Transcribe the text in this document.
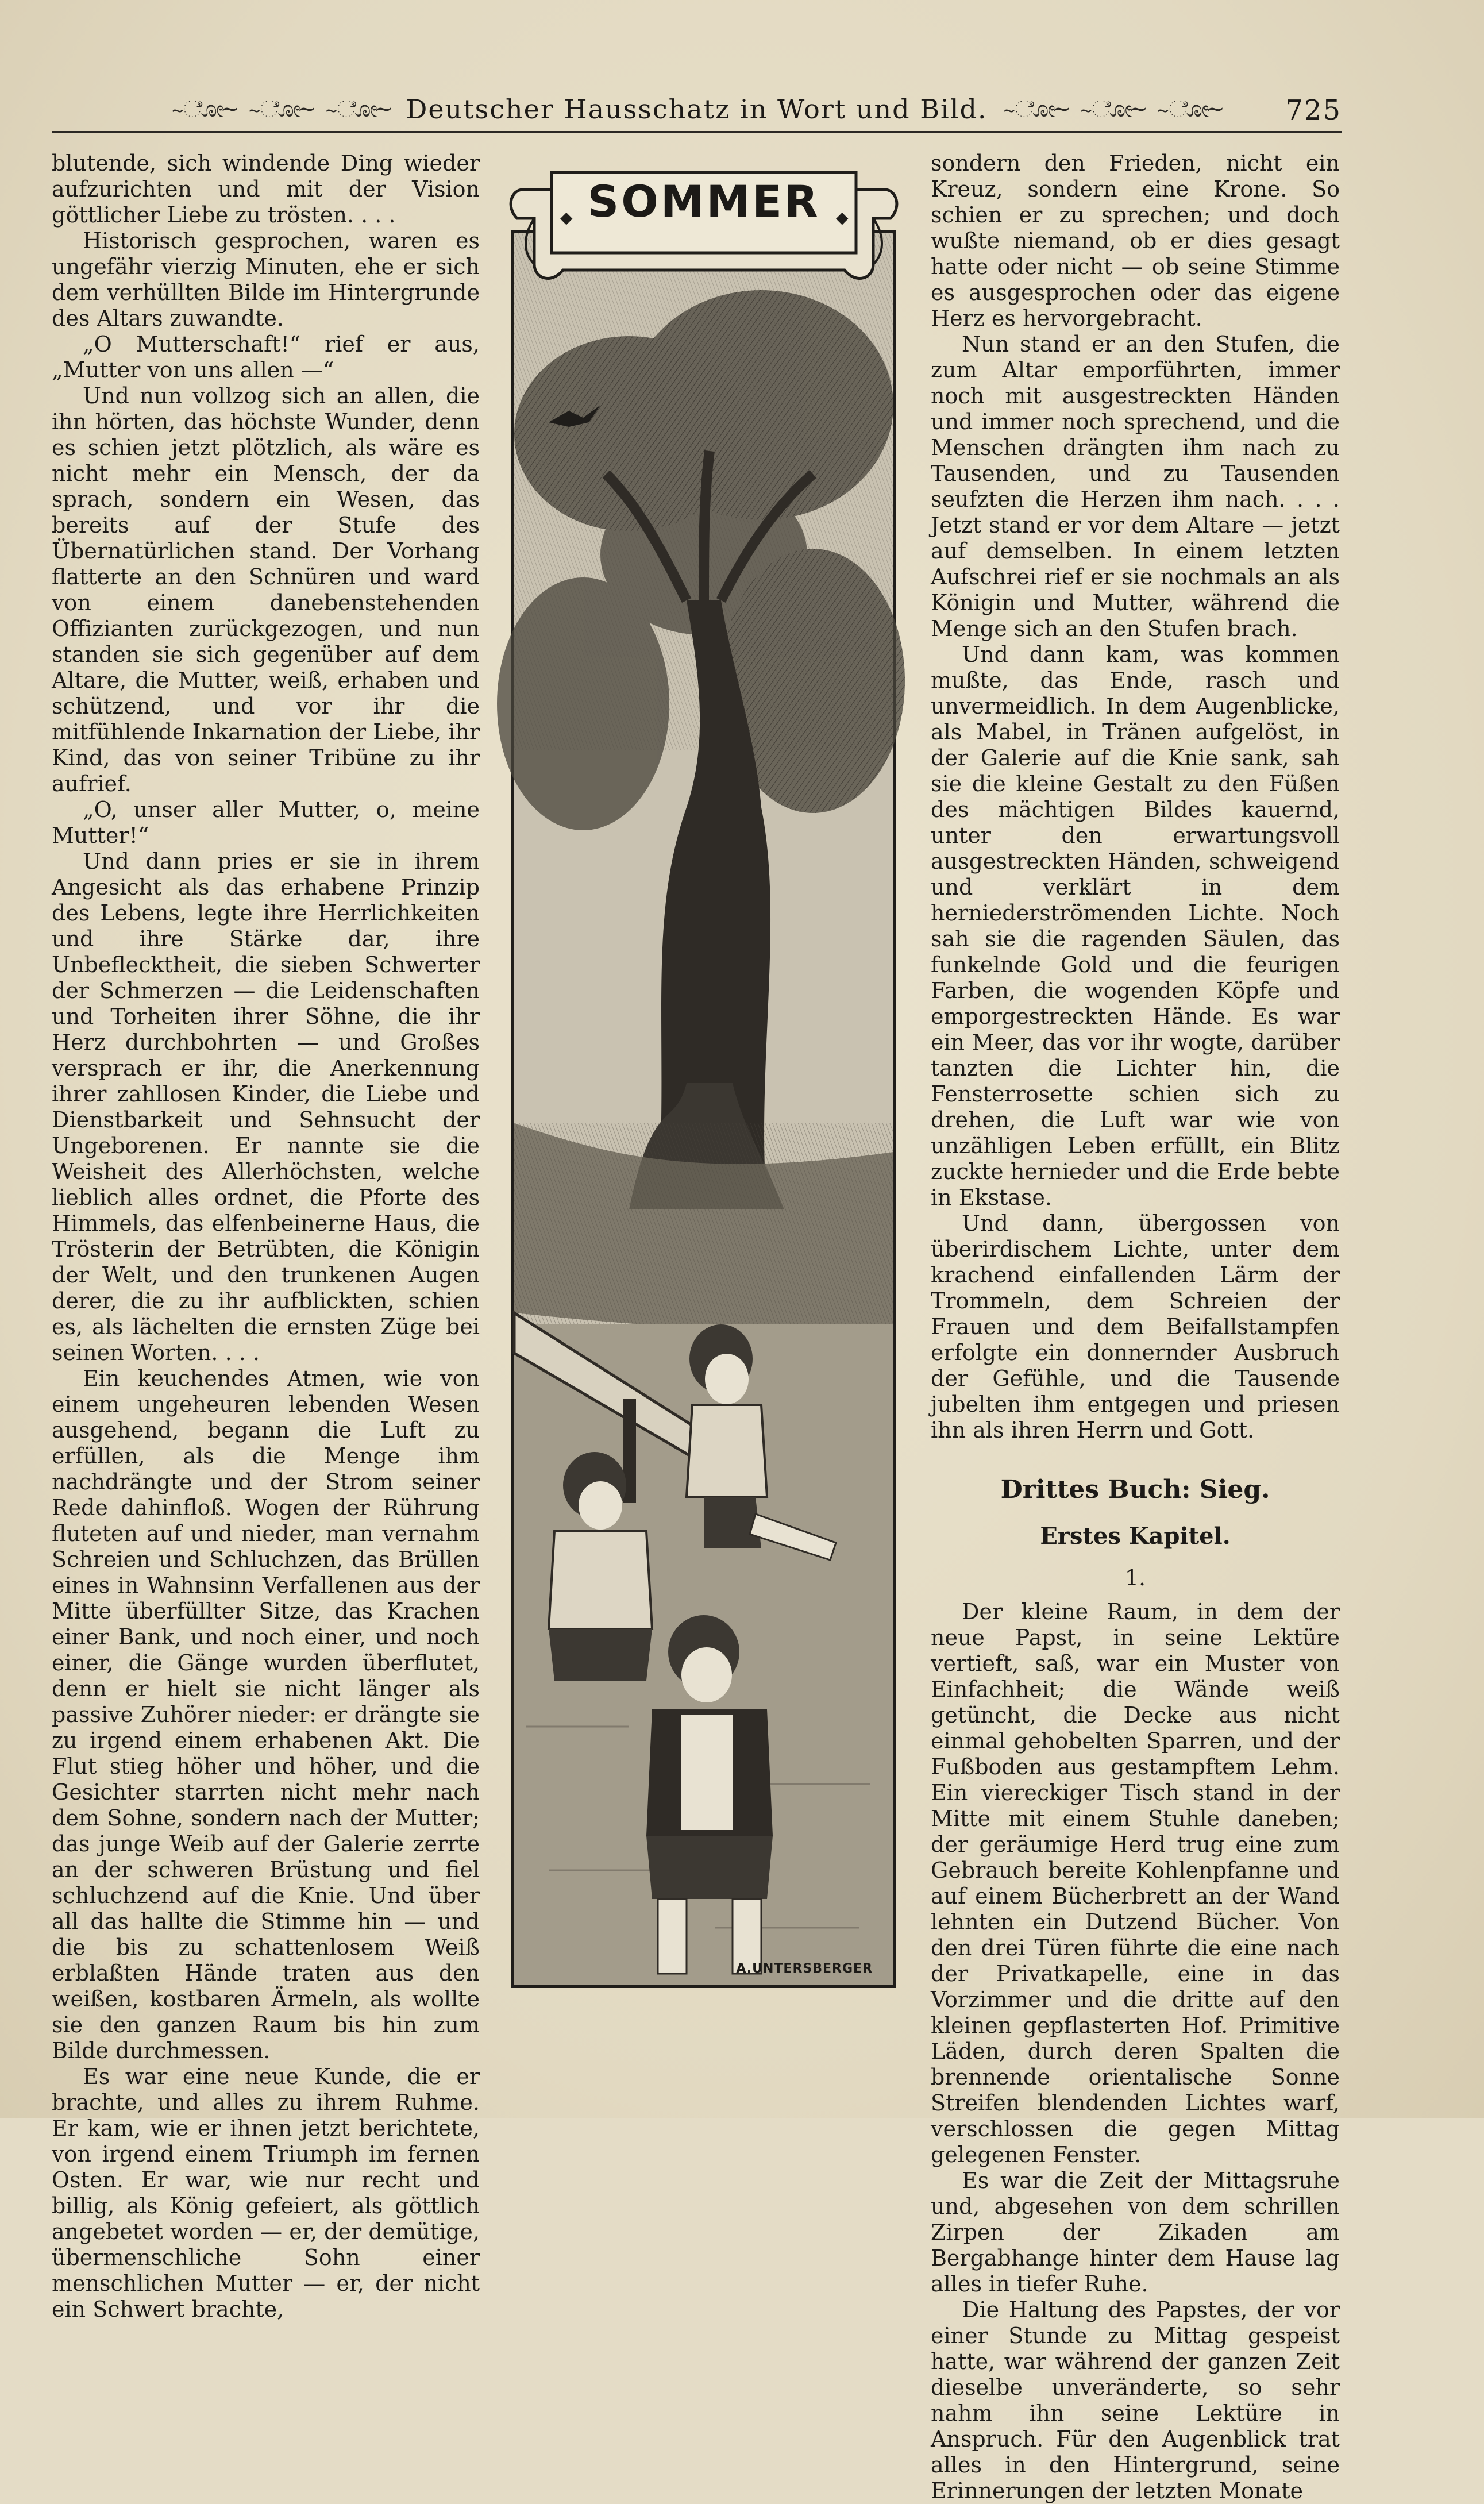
~ೋ~ ~ೋ~ ~ೋ~ Deutscher Hausschatz in Wort und Bild. ~ೋ~ ~ೋ~ ~ೋ~ 725

blutende, sich windende Ding wieder aufzurichten und mit der Vision göttlicher Liebe zu trösten. . . .

Historisch gesprochen, waren es ungefähr vierzig Minuten, ehe er sich dem verhüllten Bilde im Hintergrunde des Altars zuwandte.

„O Mutterschaft!“ rief er aus, „Mutter von uns allen —“

Und nun vollzog sich an allen, die ihn hörten, das höchste Wunder, denn es schien jetzt plötzlich, als wäre es nicht mehr ein Mensch, der da sprach, sondern ein Wesen, das bereits auf der Stufe des Übernatürlichen stand. Der Vorhang flatterte an den Schnüren und ward von einem danebenstehenden Offizianten zurückgezogen, und nun standen sie sich gegenüber auf dem Altare, die Mutter, weiß, erhaben und schützend, und vor ihr die mitfühlende Inkarnation der Liebe, ihr Kind, das von seiner Tribüne zu ihr aufrief.

„O, unser aller Mutter, o, meine Mutter!“

Und dann pries er sie in ihrem Angesicht als das erhabene Prinzip des Lebens, legte ihre Herrlichkeiten und ihre Stärke dar, ihre Unbeflecktheit, die sieben Schwerter der Schmerzen — die Leidenschaften und Torheiten ihrer Söhne, die ihr Herz durchbohrten — und Großes versprach er ihr, die Anerkennung ihrer zahllosen Kinder, die Liebe und Dienstbarkeit und Sehnsucht der Ungeborenen. Er nannte sie die Weisheit des Allerhöchsten, welche lieblich alles ordnet, die Pforte des Himmels, das elfenbeinerne Haus, die Trösterin der Betrübten, die Königin der Welt, und den trunkenen Augen derer, die zu ihr aufblickten, schien es, als lächelten die ernsten Züge bei seinen Worten. . . .

Ein keuchendes Atmen, wie von einem ungeheuren lebenden Wesen ausgehend, begann die Luft zu erfüllen, als die Menge ihm nachdrängte und der Strom seiner Rede dahinfloß. Wogen der Rührung fluteten auf und nieder, man vernahm Schreien und Schluchzen, das Brüllen eines in Wahnsinn Verfallenen aus der Mitte überfüllter Sitze, das Krachen einer Bank, und noch einer, und noch einer, die Gänge wurden überflutet, denn er hielt sie nicht länger als passive Zuhörer nieder: er drängte sie zu irgend einem erhabenen Akt. Die Flut stieg höher und höher, und die Gesichter starrten nicht mehr nach dem Sohne, sondern nach der Mutter; das junge Weib auf der Galerie zerrte an der schweren Brüstung und fiel schluchzend auf die Knie. Und über all das hallte die Stimme hin — und die bis zu schattenlosem Weiß erblaßten Hände traten aus den weißen, kostbaren Ärmeln, als wollte sie den ganzen Raum bis hin zum Bilde durchmessen.

Es war eine neue Kunde, die er brachte, und alles zu ihrem Ruhme. Er kam, wie er ihnen jetzt berichtete, von irgend einem Triumph im fernen Osten. Er war, wie nur recht und billig, als König gefeiert, als göttlich angebetet worden — er, der demütige, übermenschliche Sohn einer menschlichen Mutter — er, der nicht ein Schwert brachte,

A.UNTERSBERGER
◆	◆
SOMMER

sondern den Frieden, nicht ein Kreuz, sondern eine Krone. So schien er zu sprechen; und doch wußte niemand, ob er dies gesagt hatte oder nicht — ob seine Stimme es ausgesprochen oder das eigene Herz es hervorgebracht.

Nun stand er an den Stufen, die zum Altar emporführten, immer noch mit ausgestreckten Händen und immer noch sprechend, und die Menschen drängten ihm nach zu Tausenden, und zu Tausenden seufzten die Herzen ihm nach. . . . Jetzt stand er vor dem Altare — jetzt auf demselben. In einem letzten Aufschrei rief er sie nochmals an als Königin und Mutter, während die Menge sich an den Stufen brach.

Und dann kam, was kommen mußte, das Ende, rasch und unvermeidlich. In dem Augenblicke, als Mabel, in Tränen aufgelöst, in der Galerie auf die Knie sank, sah sie die kleine Gestalt zu den Füßen des mächtigen Bildes kauernd, unter den erwartungsvoll ausgestreckten Händen, schweigend und verklärt in dem herniederströmenden Lichte. Noch sah sie die ragenden Säulen, das funkelnde Gold und die feurigen Farben, die wogenden Köpfe und emporgestreckten Hände. Es war ein Meer, das vor ihr wogte, darüber tanzten die Lichter hin, die Fensterrosette schien sich zu drehen, die Luft war wie von unzähligen Leben erfüllt, ein Blitz zuckte hernieder und die Erde bebte in Ekstase.

Und dann, übergossen von überirdischem Lichte, unter dem krachend einfallenden Lärm der Trommeln, dem Schreien der Frauen und dem Beifallstampfen erfolgte ein donnernder Ausbruch der Gefühle, und die Tausende jubelten ihm entgegen und priesen ihn als ihren Herrn und Gott.

Drittes Buch: Sieg.
Erstes Kapitel.
1.

Der kleine Raum, in dem der neue Papst, in seine Lektüre vertieft, saß, war ein Muster von Einfachheit; die Wände weiß getüncht, die Decke aus nicht einmal gehobelten Sparren, und der Fußboden aus gestampftem Lehm. Ein viereckiger Tisch stand in der Mitte mit einem Stuhle daneben; der geräumige Herd trug eine zum Gebrauch bereite Kohlenpfanne und auf einem Bücherbrett an der Wand lehnten ein Dutzend Bücher. Von den drei Türen führte die eine nach der Privatkapelle, eine in das Vorzimmer und die dritte auf den kleinen gepflasterten Hof. Primitive Läden, durch deren Spalten die brennende orientalische Sonne Streifen blendenden Lichtes warf, verschlossen die gegen Mittag gelegenen Fenster.

Es war die Zeit der Mittagsruhe und, abgesehen von dem schrillen Zirpen der Zikaden am Bergabhange hinter dem Hause lag alles in tiefer Ruhe.

Die Haltung des Papstes, der vor einer Stunde zu Mittag gespeist hatte, war während der ganzen Zeit dieselbe unveränderte, so sehr nahm ihn seine Lektüre in Anspruch. Für den Augenblick trat alles in den Hintergrund, seine Erinnerungen der letzten Monate
